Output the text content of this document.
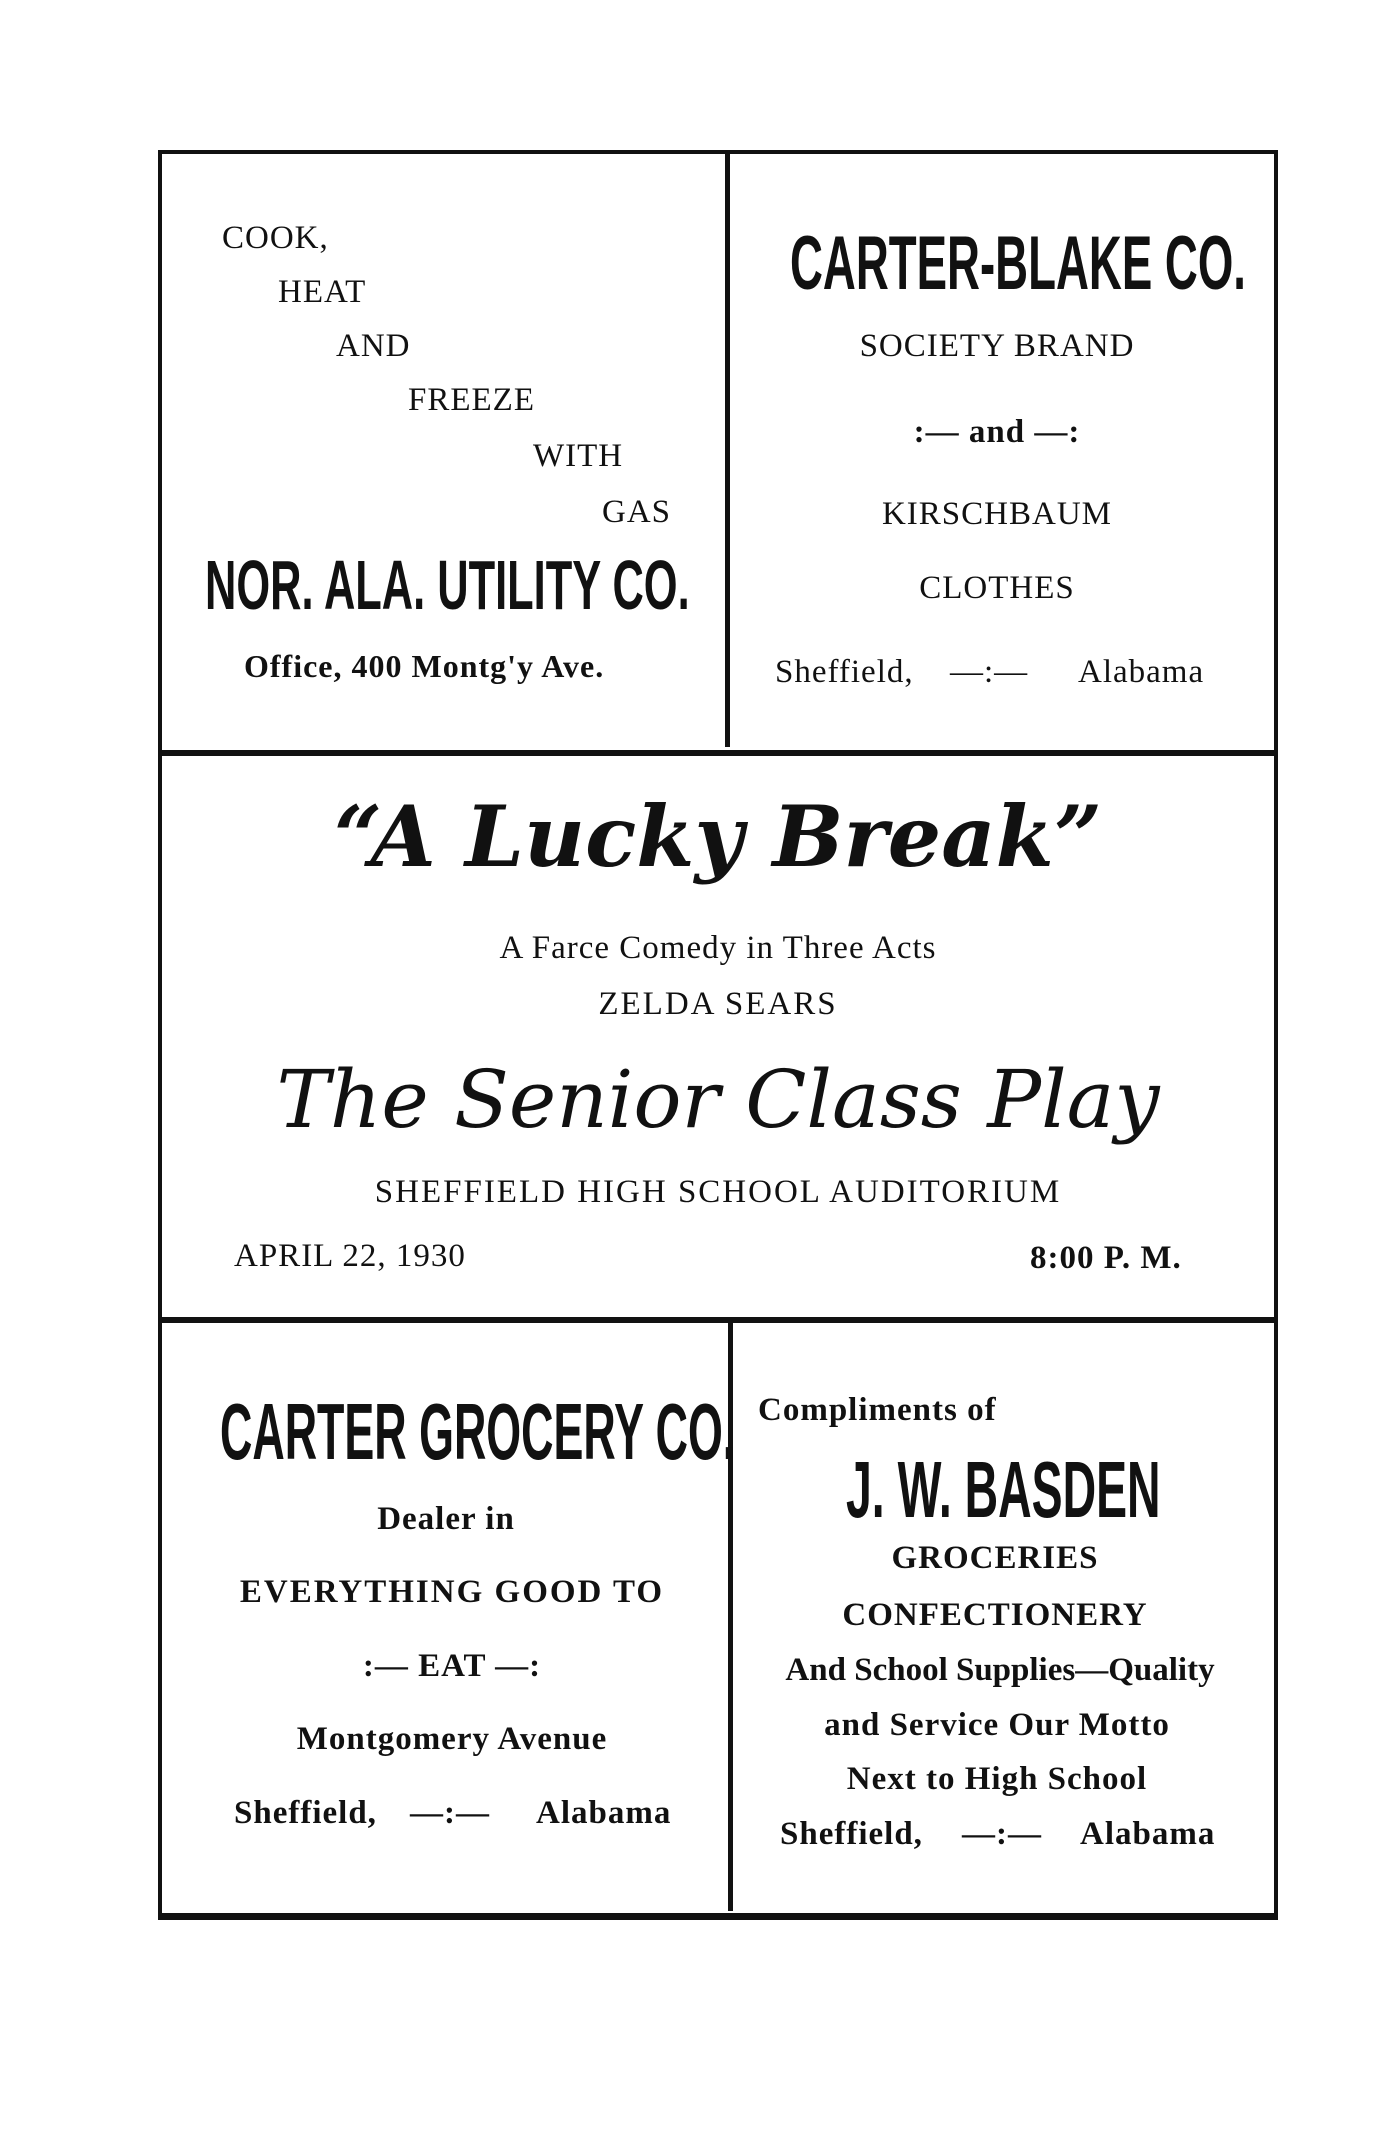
COOK,
HEAT
AND
FREEZE
WITH
GAS
NOR. ALA. UTILITY CO.
Office, 400 Montg'y Ave.
CARTER-BLAKE CO.
SOCIETY BRAND
:— and —:
KIRSCHBAUM
CLOTHES
Sheffield, —:— Alabama
“A Lucky Break”
A Farce Comedy in Three Acts
ZELDA SEARS
The Senior Class Play
SHEFFIELD HIGH SCHOOL AUDITORIUM
APRIL 22, 1930	8:00 P. M.
CARTER GROCERY CO.
Dealer in
EVERYTHING GOOD TO
:— EAT —:
Montgomery Avenue
Sheffield, —:— Alabama
Compliments of
J. W. BASDEN
GROCERIES
CONFECTIONERY
And School Supplies—Quality
and Service Our Motto
Next to High School
Sheffield, —:— Alabama
